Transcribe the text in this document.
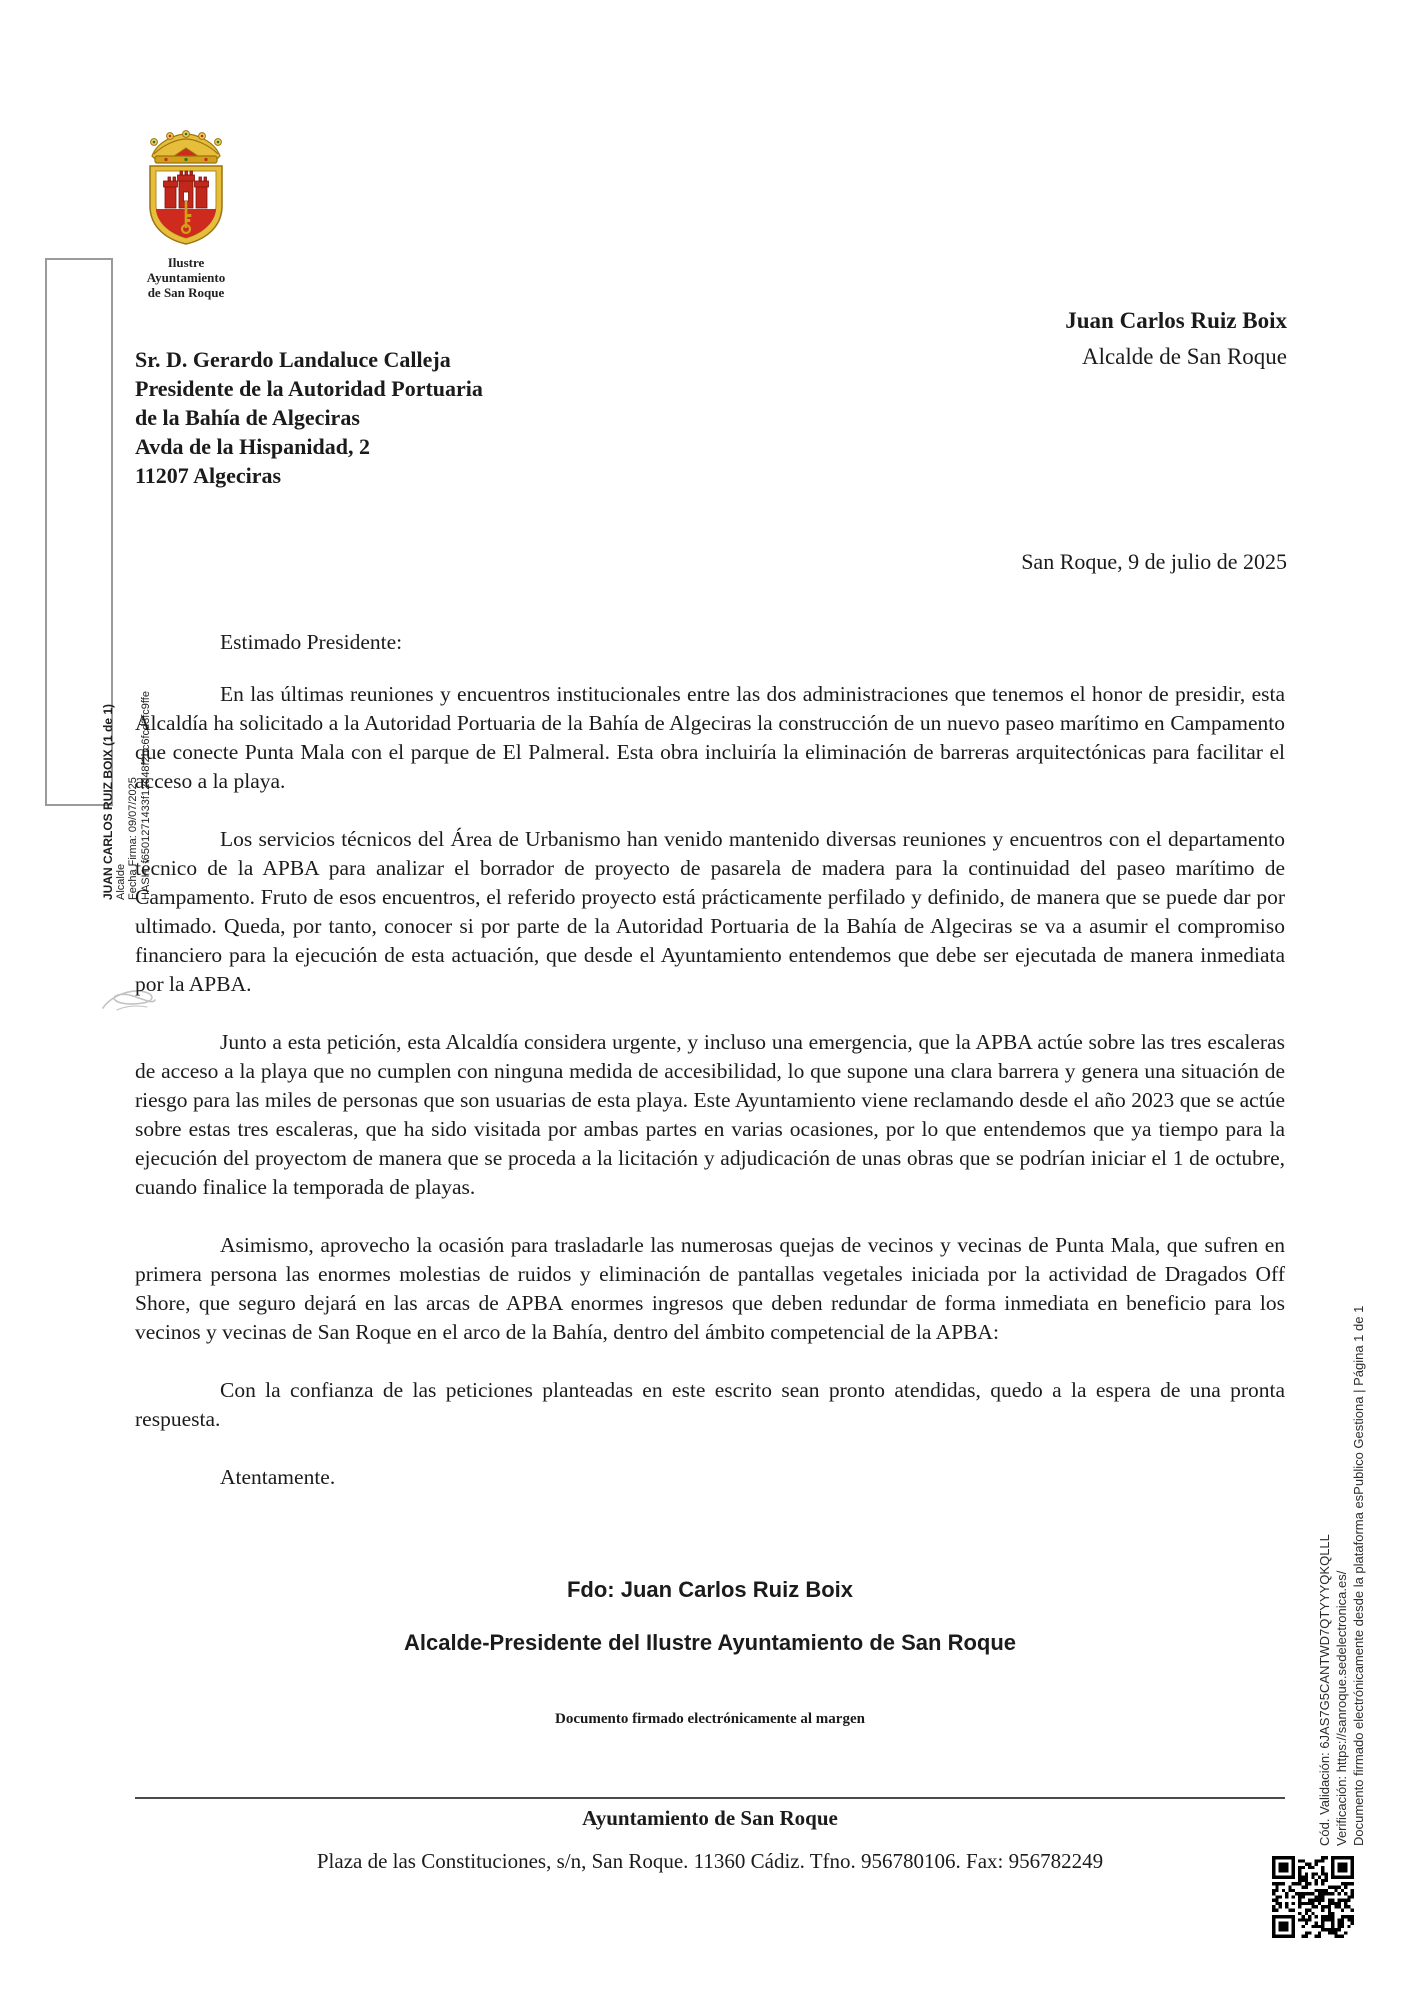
JUAN CARLOS RUIZ BOIX (1 de 1) Alcalde Fecha Firma: 09/07/2025 HASH: f6501271433f12d48f2bc6fcd3fc9ffe
Ilustre Ayuntamiento
de San Roque
Juan Carlos Ruiz Boix
Alcalde de San Roque
Sr. D. Gerardo Landaluce Calleja
Presidente de la Autoridad Portuaria
de la Bahía de Algeciras
Avda de la Hispanidad, 2
11207 Algeciras
San Roque, 9 de julio de 2025
Estimado Presidente:

En las últimas reuniones y encuentros institucionales entre las dos administraciones que tenemos el honor de presidir, esta Alcaldía ha solicitado a la Autoridad Portuaria de la Bahía de Algeciras la construcción de un nuevo paseo marítimo en Campamento que conecte Punta Mala con el parque de El Palmeral. Esta obra incluiría la eliminación de barreras arquitectónicas para facilitar el acceso a la playa.

Los servicios técnicos del Área de Urbanismo han venido mantenido diversas reuniones y encuentros con el departamento técnico de la APBA para analizar el borrador de proyecto de pasarela de madera para la continuidad del paseo marítimo de Campamento. Fruto de esos encuentros, el referido proyecto está prácticamente perfilado y definido, de manera que se puede dar por ultimado. Queda, por tanto, conocer si por parte de la Autoridad Portuaria de la Bahía de Algeciras se va a asumir el compromiso financiero para la ejecución de esta actuación, que desde el Ayuntamiento entendemos que debe ser ejecutada de manera inmediata por la APBA.

Junto a esta petición, esta Alcaldía considera urgente, y incluso una emergencia, que la APBA actúe sobre las tres escaleras de acceso a la playa que no cumplen con ninguna medida de accesibilidad, lo que supone una clara barrera y genera una situación de riesgo para las miles de personas que son usuarias de esta playa. Este Ayuntamiento viene reclamando desde el año 2023 que se actúe sobre estas tres escaleras, que ha sido visitada por ambas partes en varias ocasiones, por lo que entendemos que ya tiempo para la ejecución del proyectom de manera que se proceda a la licitación y adjudicación de unas obras que se podrían iniciar el 1 de octubre, cuando finalice la temporada de playas.

Asimismo, aprovecho la ocasión para trasladarle las numerosas quejas de vecinos y vecinas de Punta Mala, que sufren en primera persona las enormes molestias de ruidos y eliminación de pantallas vegetales iniciada por la actividad de Dragados Off Shore, que seguro dejará en las arcas de APBA enormes ingresos que deben redundar de forma inmediata en beneficio para los vecinos y vecinas de San Roque en el arco de la Bahía, dentro del ámbito competencial de la APBA:

Con la confianza de las peticiones planteadas en este escrito sean pronto atendidas, quedo a la espera de una pronta respuesta.

Atentamente.
Fdo: Juan Carlos Ruiz Boix
Alcalde-Presidente del Ilustre Ayuntamiento de San Roque
Documento firmado electrónicamente al margen
Ayuntamiento de San Roque
Plaza de las Constituciones, s/n, San Roque. 11360 Cádiz. Tfno. 956780106. Fax: 956782249
Cód. Validación: 6JAS7G5CANTWD7QTYYYQKQLLL Verificación: https://sanroque.sedelectronica.es/ Documento firmado electrónicamente desde la plataforma esPublico Gestiona | Página 1 de 1
